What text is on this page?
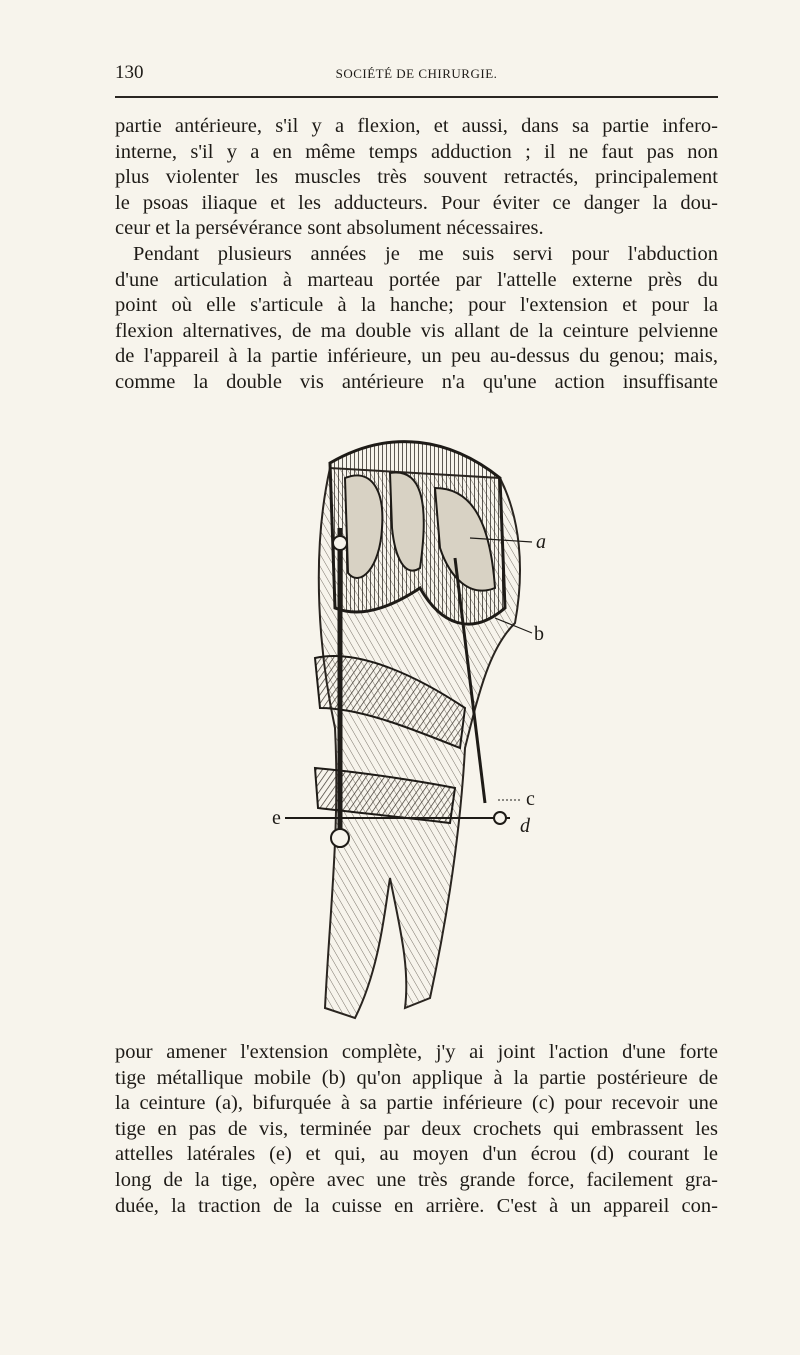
130	SOCIÉTÉ DE CHIRURGIE.
partie antérieure, s'il y a flexion, et aussi, dans sa partie infero-
interne, s'il y a en même temps adduction ; il ne faut pas non
plus violenter les muscles très souvent retractés, principalement
le psoas iliaque et les adducteurs. Pour éviter ce danger la dou-
ceur et la persévérance sont absolument nécessaires.
Pendant plusieurs années je me suis servi pour l'abduction
d'une articulation à marteau portée par l'attelle externe près du
point où elle s'articule à la hanche; pour l'extension et pour la
flexion alternatives, de ma double vis allant de la ceinture pelvienne
de l'appareil à la partie inférieure, un peu au-dessus du genou; mais,
comme la double vis antérieure n'a qu'une action insuffisante
a
b
c
d
e
pour amener l'extension complète, j'y ai joint l'action d'une forte
tige métallique mobile (b) qu'on applique à la partie postérieure de
la ceinture (a), bifurquée à sa partie inférieure (c) pour recevoir une
tige en pas de vis, terminée par deux crochets qui embrassent les
attelles latérales (e) et qui, au moyen d'un écrou (d) courant le
long de la tige, opère avec une très grande force, facilement gra-
duée, la traction de la cuisse en arrière. C'est à un appareil con-
